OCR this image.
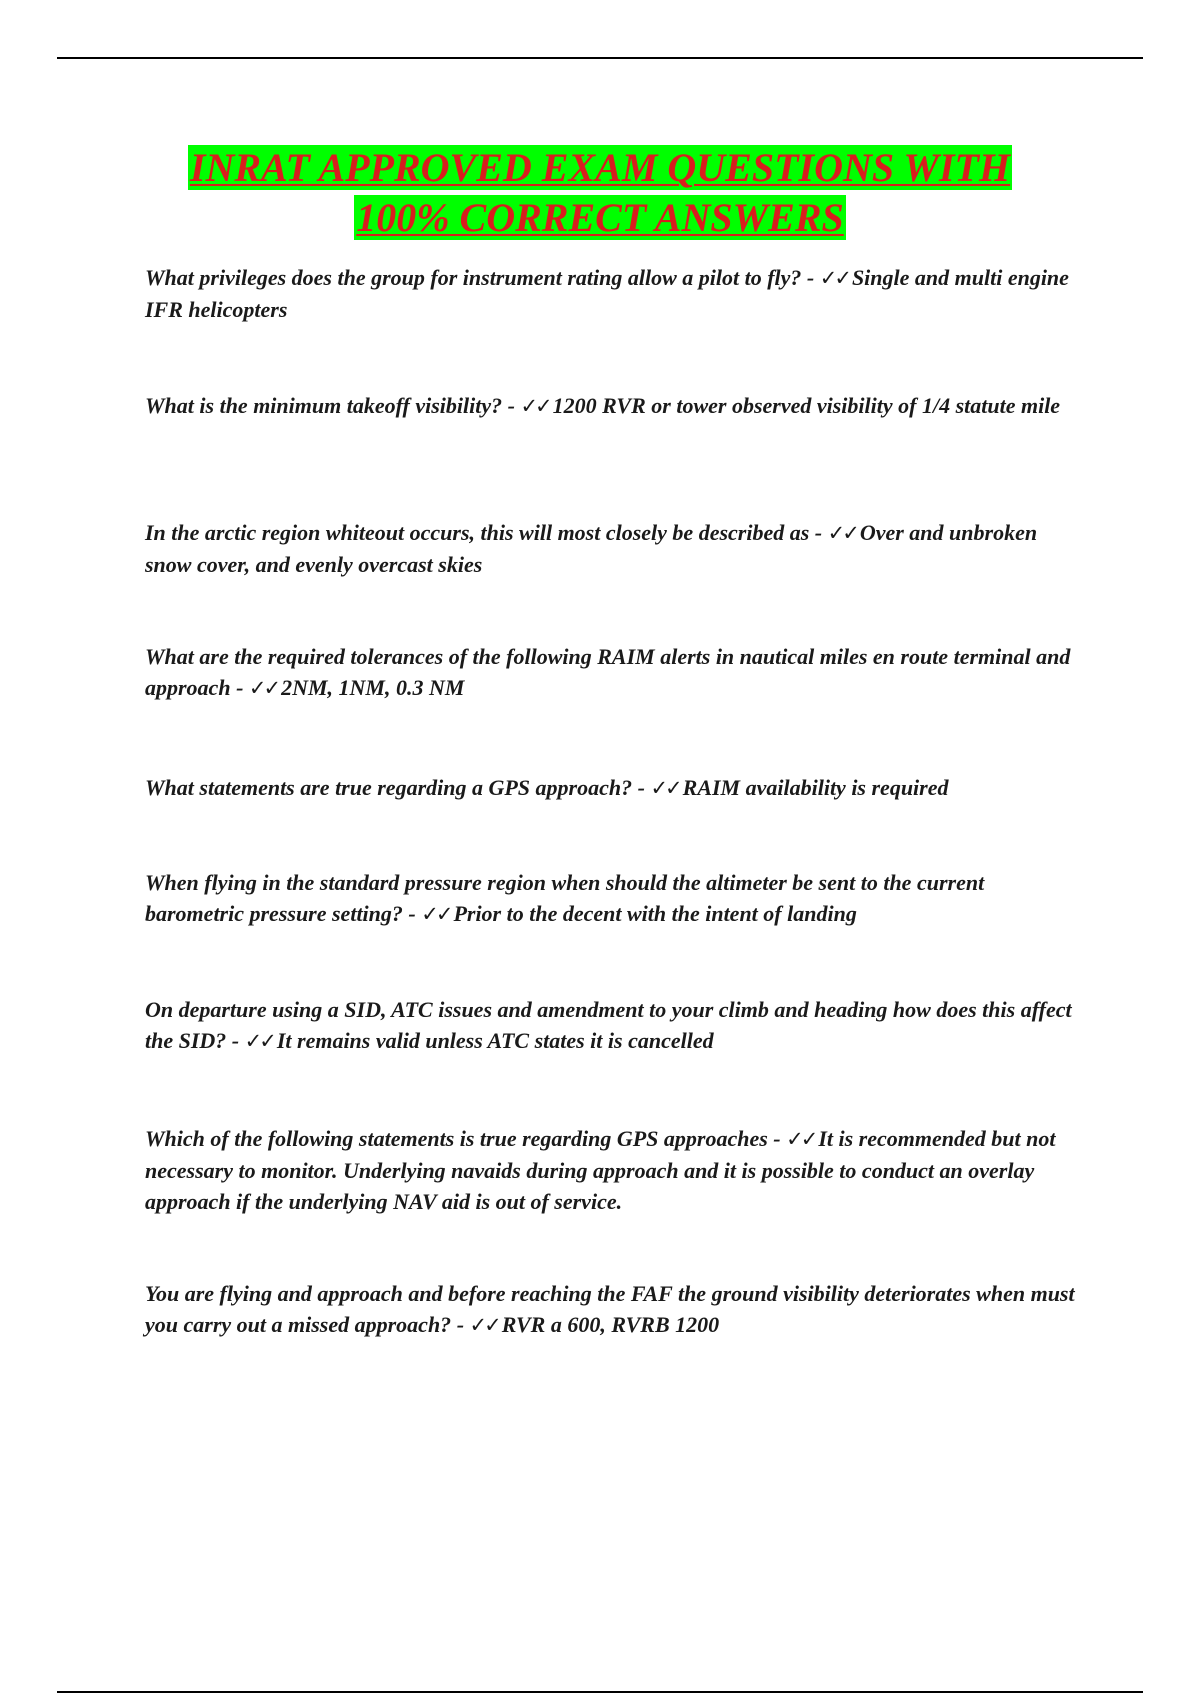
INRAT APPROVED EXAM QUESTIONS WITH
100% CORRECT ANSWERS
What privileges does the group for instrument rating allow a pilot to fly? - ✓✓ Single and multi engine IFR helicopters
What is the minimum takeoff visibility? - ✓✓ 1200 RVR or tower observed visibility of 1/4 statute mile
In the arctic region whiteout occurs, this will most closely be described as - ✓✓ Over and unbroken snow cover, and evenly overcast skies
What are the required tolerances of the following RAIM alerts in nautical miles en route terminal and approach - ✓✓ 2NM, 1NM, 0.3 NM
What statements are true regarding a GPS approach? - ✓✓ RAIM availability is required
When flying in the standard pressure region when should the altimeter be sent to the current barometric pressure setting? - ✓✓ Prior to the decent with the intent of landing
On departure using a SID, ATC issues and amendment to your climb and heading how does this affect the SID? - ✓✓ It remains valid unless ATC states it is cancelled
Which of the following statements is true regarding GPS approaches - ✓✓ It is recommended but not necessary to monitor. Underlying navaids during approach and it is possible to conduct an overlay approach if the underlying NAV aid is out of service.
You are flying and approach and before reaching the FAF the ground visibility deteriorates when must you carry out a missed approach? - ✓✓ RVR a 600, RVRB 1200
